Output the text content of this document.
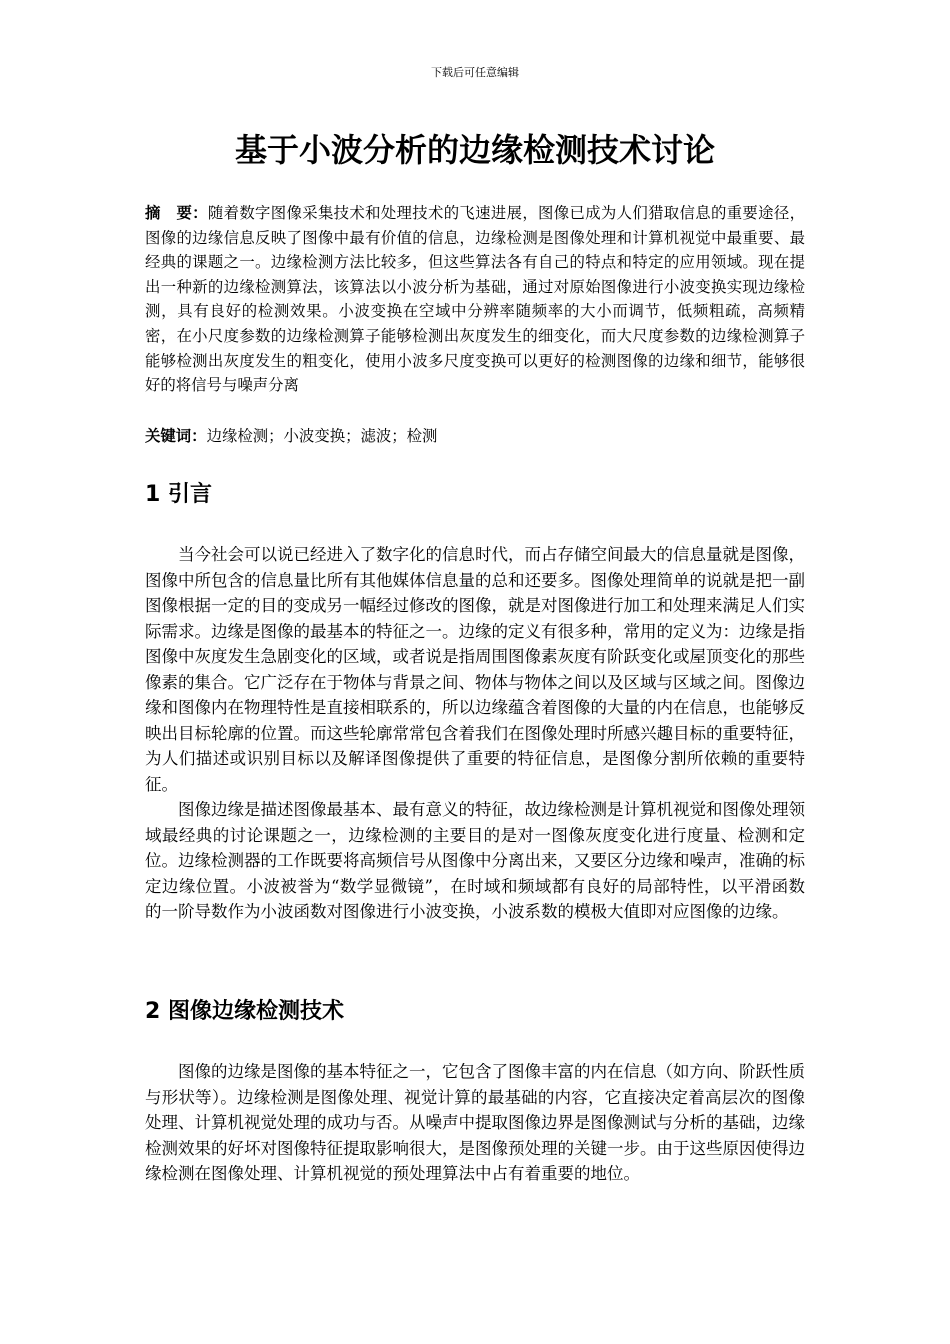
下载后可任意编辑
基于小波分析的边缘检测技术讨论

摘　要：随着数字图像采集技术和处理技术的飞速进展，图像已成为人们猎取信息的重要途径，图像的边缘信息反映了图像中最有价值的信息，边缘检测是图像处理和计算机视觉中最重要、最经典的课题之一。边缘检测方法比较多，但这些算法各有自己的特点和特定的应用领域。现在提出一种新的边缘检测算法，该算法以小波分析为基础，通过对原始图像进行小波变换实现边缘检测，具有良好的检测效果。小波变换在空域中分辨率随频率的大小而调节，低频粗疏，高频精密，在小尺度参数的边缘检测算子能够检测出灰度发生的细变化，而大尺度参数的边缘检测算子能够检测出灰度发生的粗变化，使用小波多尺度变换可以更好的检测图像的边缘和细节，能够很好的将信号与噪声分离

关键词：边缘检测；小波变换；滤波；检测

1 引言

当今社会可以说已经进入了数字化的信息时代，而占存储空间最大的信息量就是图像，图像中所包含的信息量比所有其他媒体信息量的总和还要多。图像处理简单的说就是把一副图像根据一定的目的变成另一幅经过修改的图像，就是对图像进行加工和处理来满足人们实际需求。边缘是图像的最基本的特征之一。边缘的定义有很多种，常用的定义为：边缘是指图像中灰度发生急剧变化的区域，或者说是指周围图像素灰度有阶跃变化或屋顶变化的那些像素的集合。它广泛存在于物体与背景之间、物体与物体之间以及区域与区域之间。图像边缘和图像内在物理特性是直接相联系的，所以边缘蕴含着图像的大量的内在信息，也能够反映出目标轮廓的位置。而这些轮廓常常包含着我们在图像处理时所感兴趣目标的重要特征，为人们描述或识别目标以及解译图像提供了重要的特征信息，是图像分割所依赖的重要特征。

图像边缘是描述图像最基本、最有意义的特征，故边缘检测是计算机视觉和图像处理领域最经典的讨论课题之一，边缘检测的主要目的是对一图像灰度变化进行度量、检测和定位。边缘检测器的工作既要将高频信号从图像中分离出来，又要区分边缘和噪声，准确的标定边缘位置。小波被誉为“数学显微镜”，在时域和频域都有良好的局部特性，以平滑函数的一阶导数作为小波函数对图像进行小波变换，小波系数的模极大值即对应图像的边缘。

2 图像边缘检测技术

图像的边缘是图像的基本特征之一，它包含了图像丰富的内在信息（如方向、阶跃性质与形状等）。边缘检测是图像处理、视觉计算的最基础的内容，它直接决定着高层次的图像处理、计算机视觉处理的成功与否。从噪声中提取图像边界是图像测试与分析的基础，边缘检测效果的好坏对图像特征提取影响很大，是图像预处理的关键一步。由于这些原因使得边缘检测在图像处理、计算机视觉的预处理算法中占有着重要的地位。
